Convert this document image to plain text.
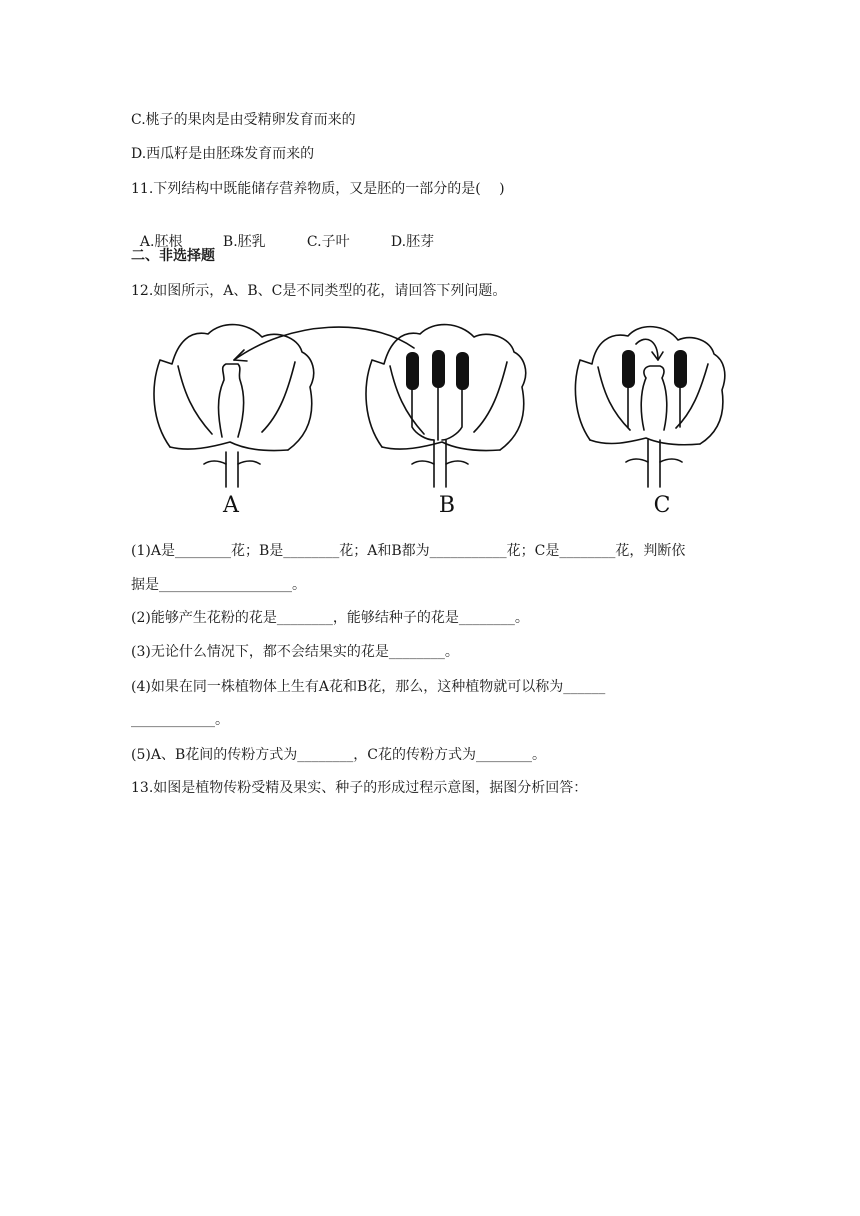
C.桃子的果肉是由受精卵发育而来的
D.西瓜籽是由胚珠发育而来的
11.下列结构中既能储存营养物质，又是胚的一部分的是(　 )

A.胚根	B.胚乳	C.子叶	D.胚芽

二、非选择题
12.如图所示，A、B、C是不同类型的花，请回答下列问题。
A	B	C
(1)A是________花；B是________花；A和B都为___________花；C是________花，判断依
据是___________________。
(2)能够产生花粉的花是________，能够结种子的花是________。
(3)无论什么情况下，都不会结果实的花是________。
(4)如果在同一株植物体上生有A花和B花，那么，这种植物就可以称为______
____________。
(5)A、B花间的传粉方式为________，C花的传粉方式为________。
13.如图是植物传粉受精及果实、种子的形成过程示意图，据图分析回答：
